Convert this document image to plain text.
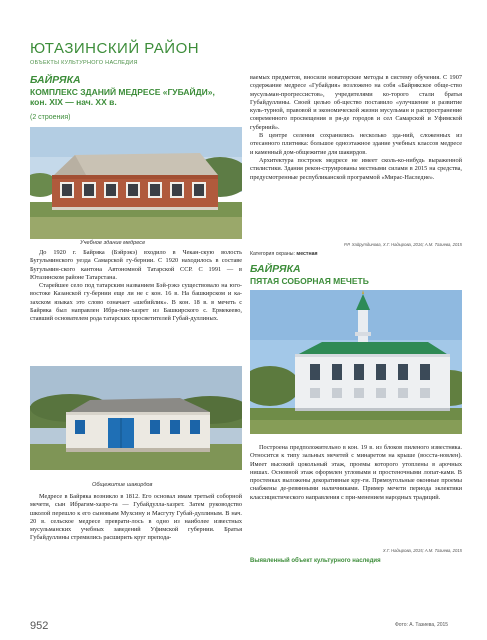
ЮТАЗИНСКИЙ РАЙОН
ОБЪЕКТЫ КУЛЬТУРНОГО НАСЛЕДИЯ
БАЙРЯКА
КОМПЛЕКС ЗДАНИЙ МЕДРЕСЕ «ГУБАЙДИ»,
кон. XIX — нач. XX в.
(2 строения)
Учебное здание медресе

До 1920 г. Байряка (Бэйрэкэ) входило в Чекан-скую волость Бугульминского уезда Самарской гу-бернии. С 1920 находилось в составе Бугульмин-ского кантона Автономной Татарской ССР. С 1991 — в Ютазинском районе Татарстана.

Старейшее село под татарским названием Бэй-рэкэ существовало на юго-востоке Казанской гу-бернии еще ли не с кон. 16 в. На башкирском и ка-захском языках это слово означает «шебийлик». В кон. 18 в. в мечеть с Байряка был направлен Ибра-гим-хазрет из Башкирского с. Ермекеево, ставший основателем рода татарских просветителей Губай-дуллиных.

Общежитие шакирдов

Медресе в Байряка возникло в 1812. Его основал имам третьей соборной мечети, сын Ибрагим-хазре-та — Губайдулла-хазрет. Затем руководство школой перешло к его сыновьям Мухсину и Масгуту Губай-дуллиным. В нач. 20 в. сельское медресе преврати-лось в одно из наиболее известных мусульманских учебных заведений Уфимской губернии. Братья Губайдуллины стремились расширить круг препода-

ваемых предметов, вносили новаторские методы в систему обучения. С 1907 содержание медресе «Губайдия» возложено на собя «Байрякское обще-ство мусульман-прогрессистов», учредителями ко-торого стали братья Губайдуллины. Своей целью об-щество поставило «улучшение и развитие куль-турной, правовой и экономической жизни мусульман и распространение современного просвещения в ря-де городов и сел Самарской и Уфимской губерний».

В центре селения сохранились несколько зда-ний, сложенных из отесанного плитняка: большое одноэтажное здание учебных классов медресе и каменный дом-общежитие для шакирдов.

Архитектура построек медресе не имеет сколь-ко-нибудь выраженной стилистики. Здания рекон-струированы местными силами в 2015 на средства, предусмотренные республиканской программой «Мирас-Наследие».

Р.Р. Хайрутдинова, Х.Г. Надырова, 2016; А.М. Тазиева, 2015
Категория охраны: местная
БАЙРЯКА
ПЯТАЯ СОБОРНАЯ МЕЧЕТЬ

Построена предположительно в кон. 19 в. из блоков пиленого известняка. Относится к типу зальных мечетей с минаретом на крыше (восста-новлен). Имеет высокий цокольный этаж, проемы которого утоплены в арочных нишах. Основной этаж оформлен угловыми и простеночными лопат-ками. В простенках выложены декоративные кру-ги. Прямоугольные оконные проемы снабжены де-ревянными наличниками. Пример мечети периода эклектики классицистического направления с при-менением народных традиций.

Х.Г. Надырова, 2015; А.М. Тазиева, 2015
Выявленный объект культурного наследия
952	Фото: А. Тазиева, 2015
